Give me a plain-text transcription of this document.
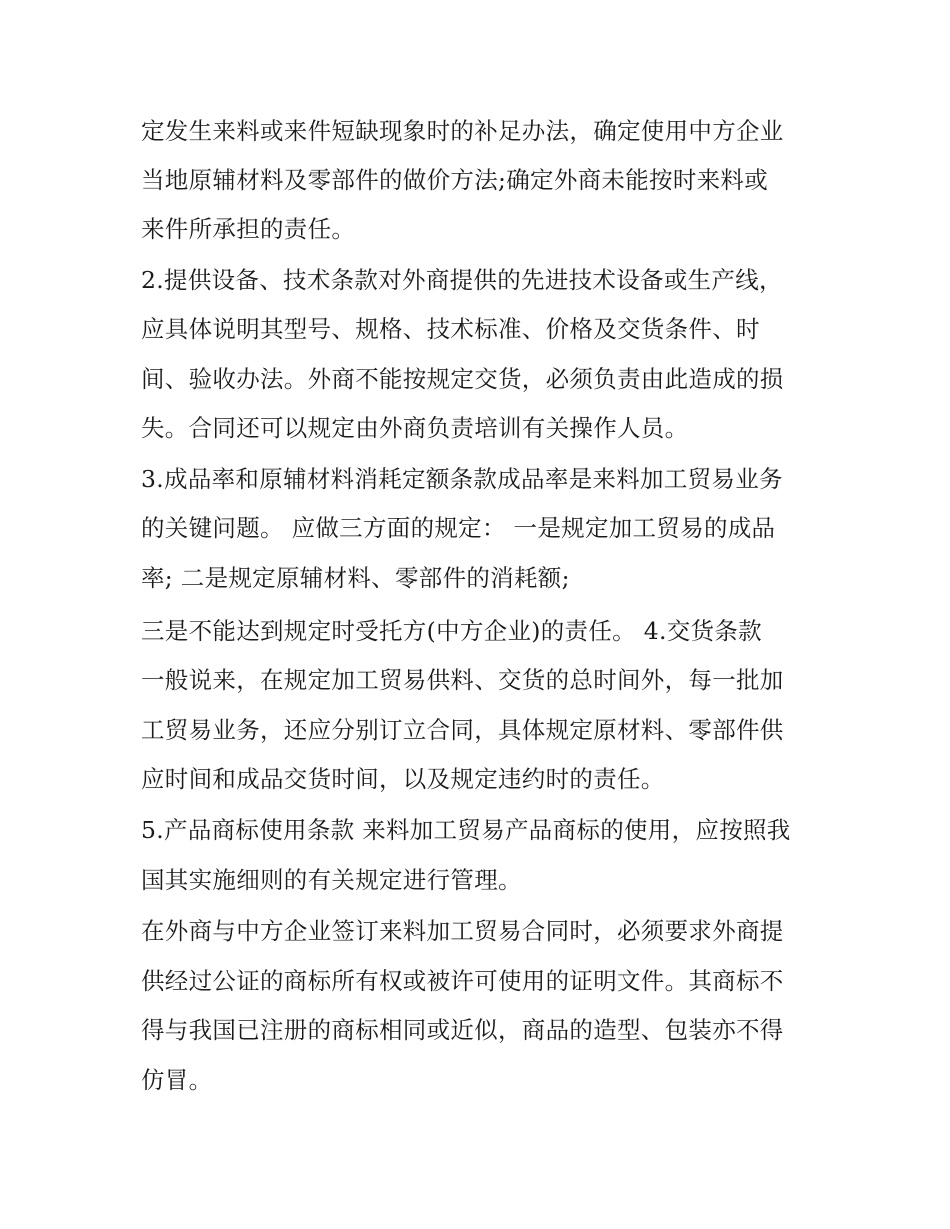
定发生来料或来件短缺现象时的补足办法，确定使用中方企业
当地原辅材料及零部件的做价方法;确定外商未能按时来料或
来件所承担的责任。
2.提供设备、技术条款对外商提供的先进技术设备或生产线，
应具体说明其型号、规格、技术标准、价格及交货条件、时
间、验收办法。外商不能按规定交货，必须负责由此造成的损
失。合同还可以规定由外商负责培训有关操作人员。
3.成品率和原辅材料消耗定额条款成品率是来料加工贸易业务
的关键问题。 应做三方面的规定： 一是规定加工贸易的成品
率; 二是规定原辅材料、零部件的消耗额;
三是不能达到规定时受托方(中方企业)的责任。 4.交货条款
一般说来，在规定加工贸易供料、交货的总时间外，每一批加
工贸易业务，还应分别订立合同，具体规定原材料、零部件供
应时间和成品交货时间，以及规定违约时的责任。
5.产品商标使用条款 来料加工贸易产品商标的使用，应按照我
国其实施细则的有关规定进行管理。
在外商与中方企业签订来料加工贸易合同时，必须要求外商提
供经过公证的商标所有权或被许可使用的证明文件。其商标不
得与我国已注册的商标相同或近似，商品的造型、包装亦不得
仿冒。
